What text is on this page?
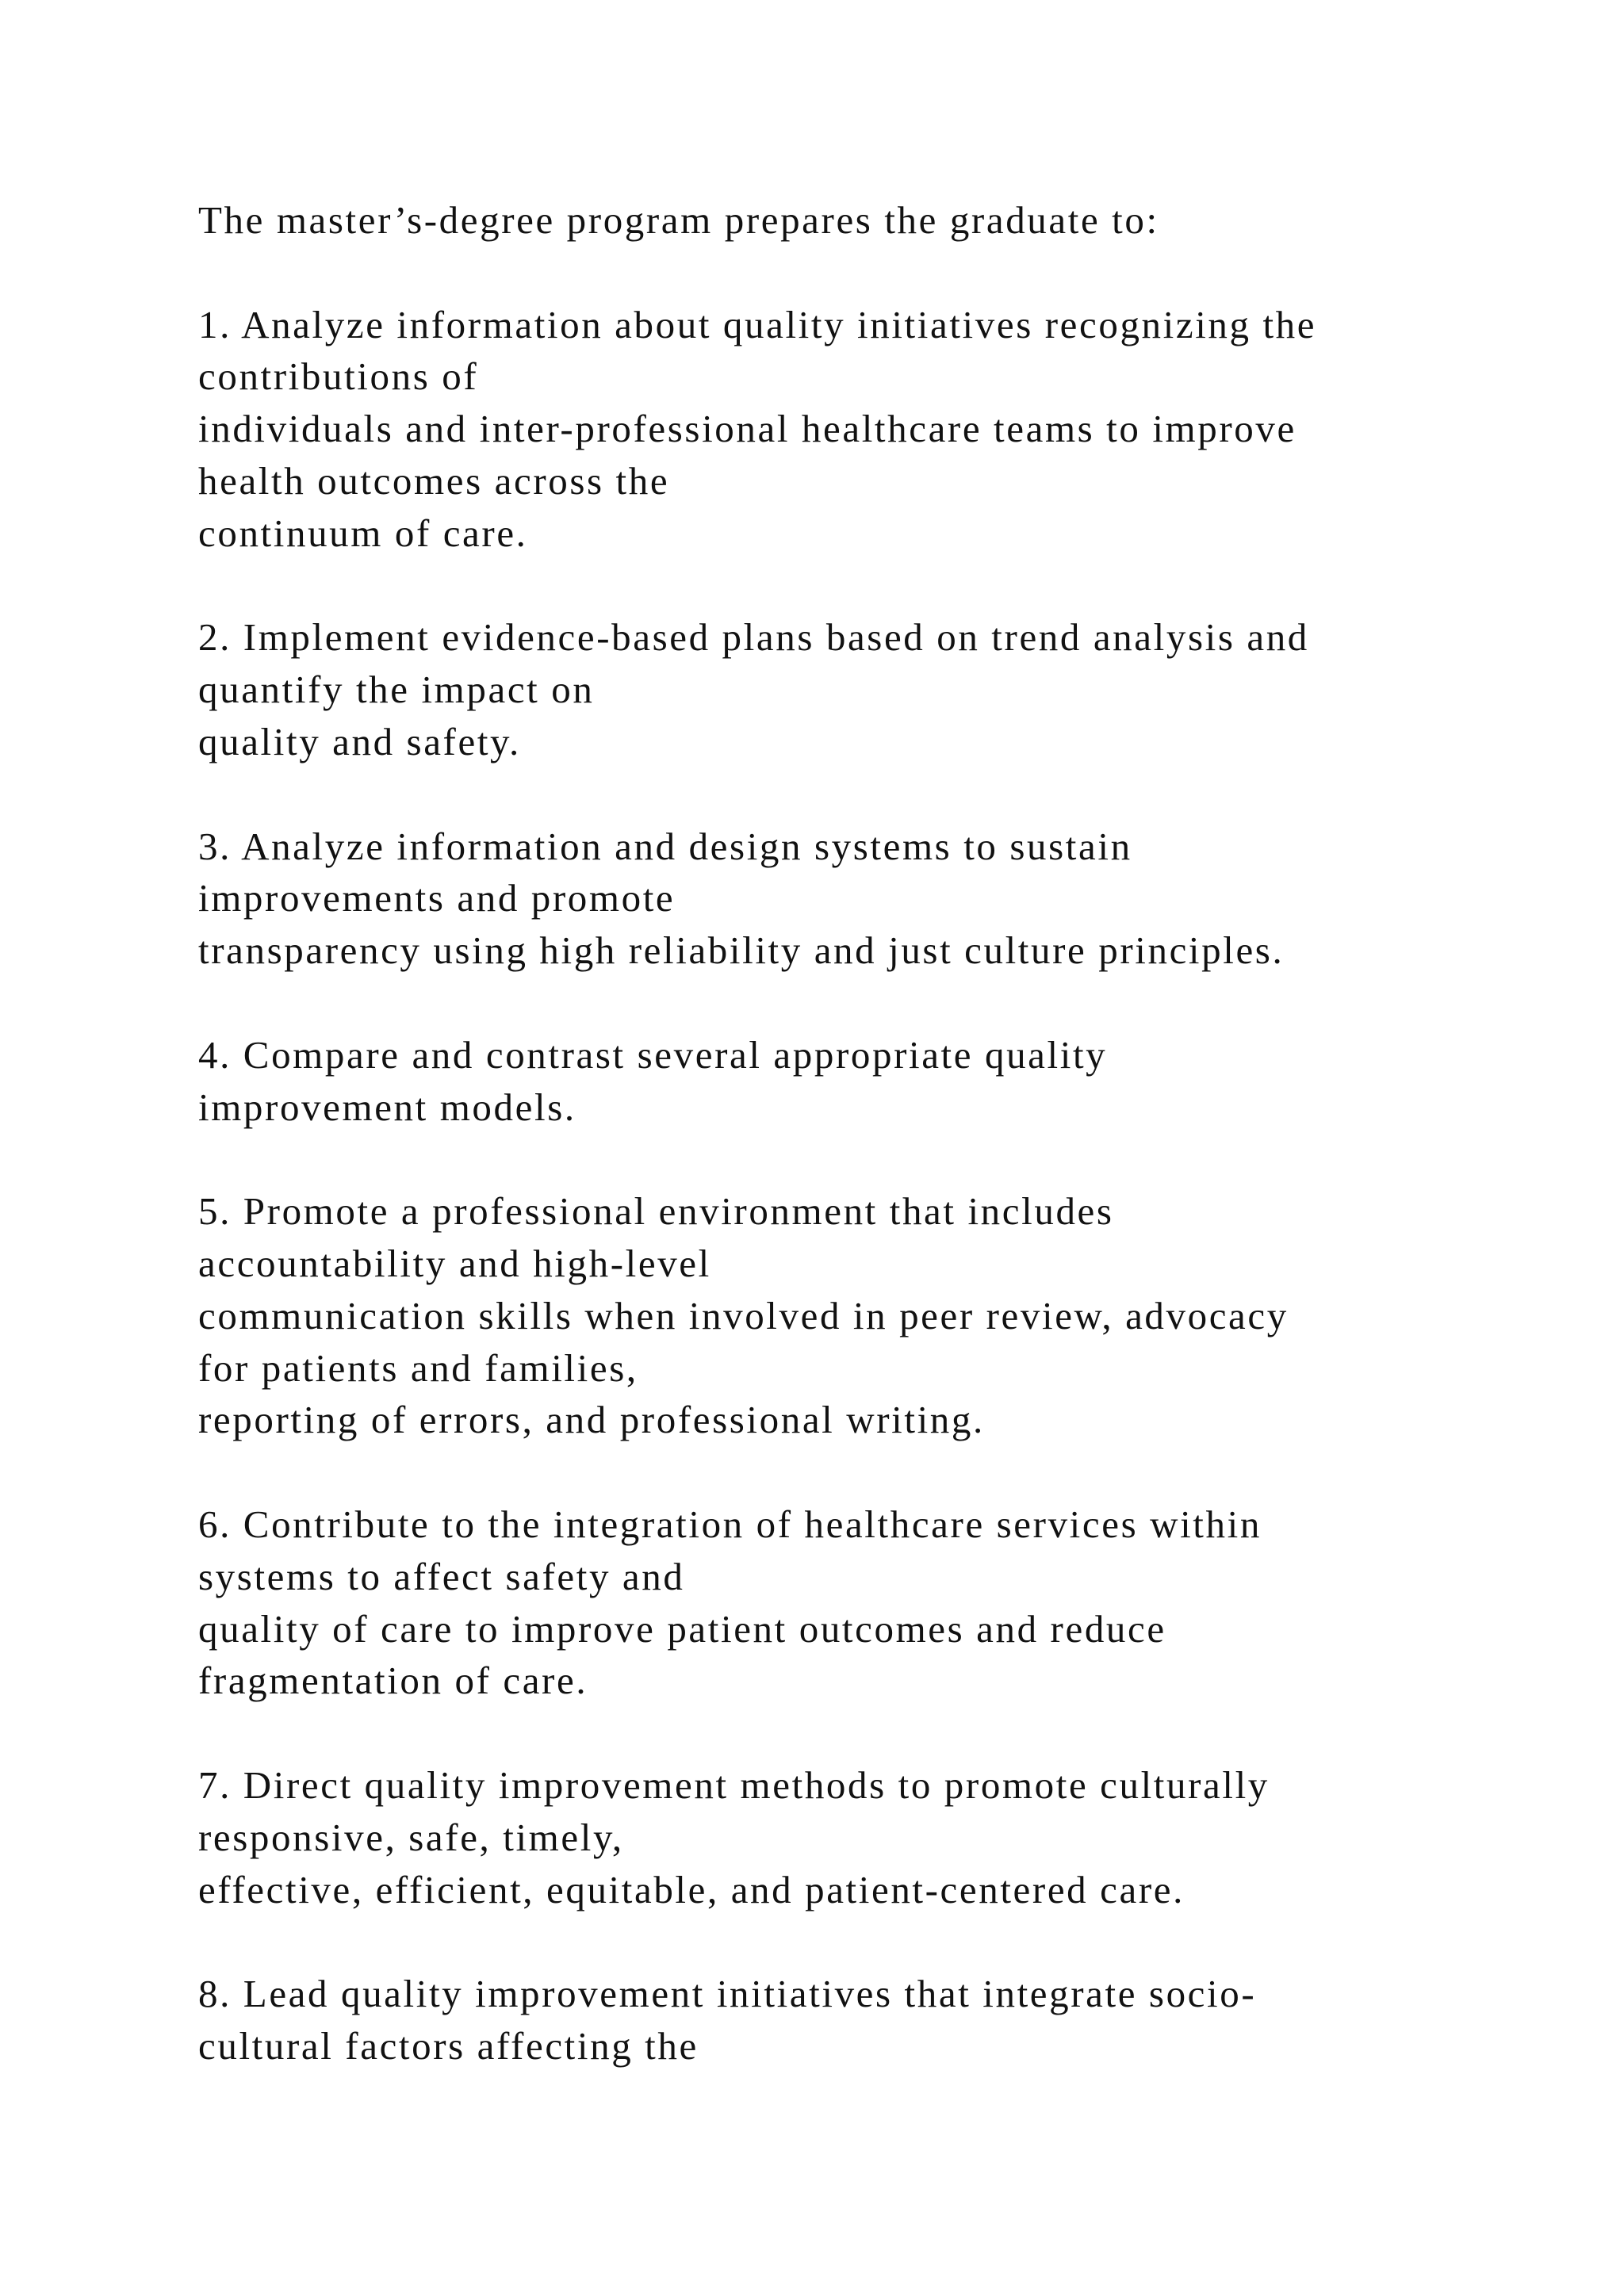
The master’s-degree program prepares the graduate to:
1. Analyze information about quality initiatives recognizing the
contributions of
individuals and inter-professional healthcare teams to improve
health outcomes across the
continuum of care.
2. Implement evidence-based plans based on trend analysis and
quantify the impact on
quality and safety.
3. Analyze information and design systems to sustain
improvements and promote
transparency using high reliability and just culture principles.
4. Compare and contrast several appropriate quality
improvement models.
5. Promote a professional environment that includes
accountability and high-level
communication skills when involved in peer review, advocacy
for patients and families,
reporting of errors, and professional writing.
6. Contribute to the integration of healthcare services within
systems to affect safety and
quality of care to improve patient outcomes and reduce
fragmentation of care.
7. Direct quality improvement methods to promote culturally
responsive, safe, timely,
effective, efficient, equitable, and patient-centered care.
8. Lead quality improvement initiatives that integrate socio-
cultural factors affecting the
